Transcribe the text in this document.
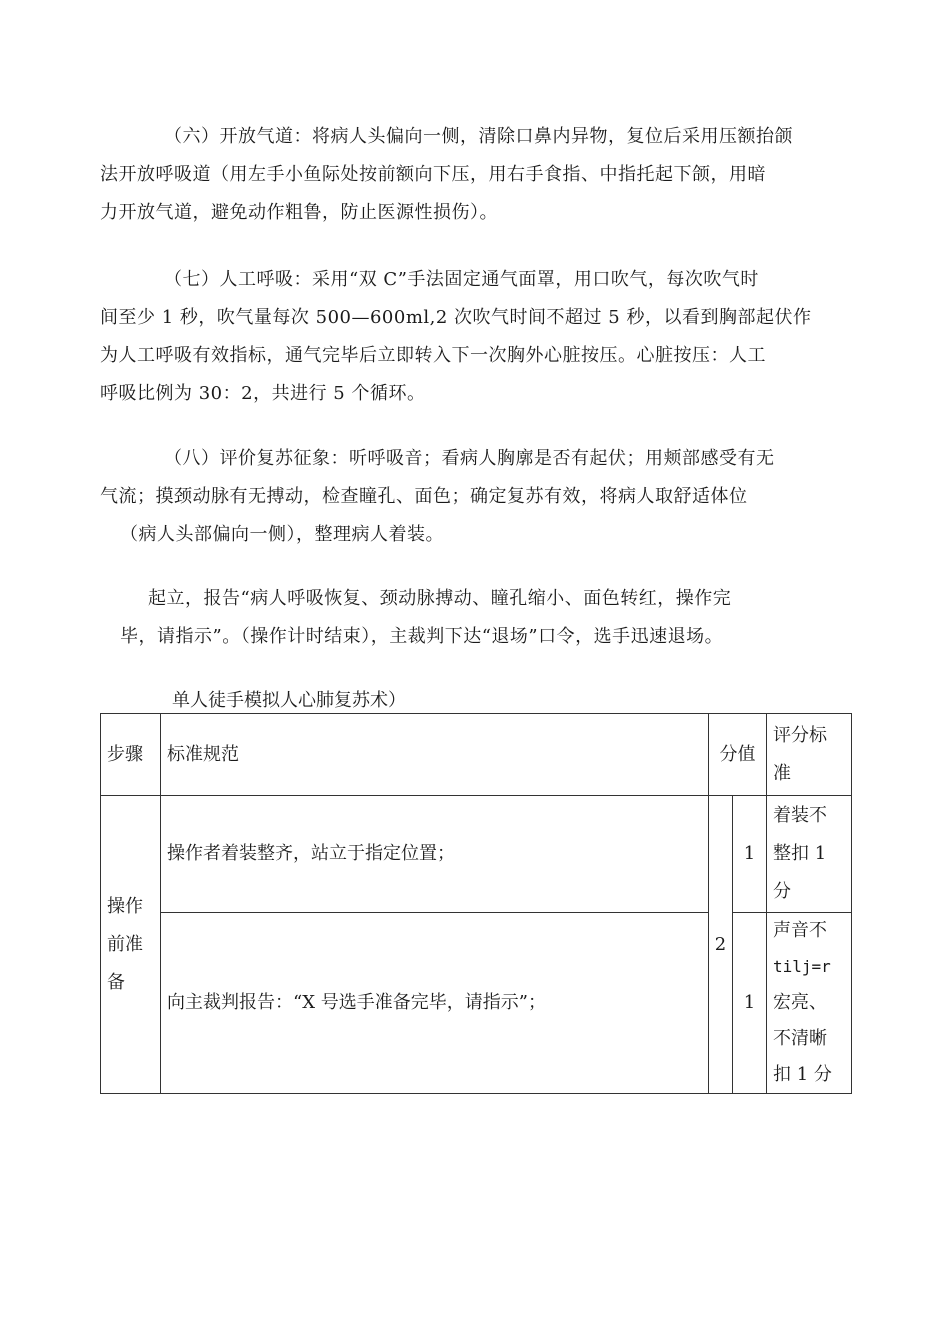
（六）开放气道：将病人头偏向一侧，清除口鼻内异物，复位后采用压额抬颌
法开放呼吸道（用左手小鱼际处按前额向下压，用右手食指、中指托起下颌，用暗
力开放气道，避免动作粗鲁，防止医源性损伤）。
（七）人工呼吸：采用“双 C”手法固定通气面罩，用口吹气，每次吹气时
间至少 1 秒，吹气量每次 500—600ml,2 次吹气时间不超过 5 秒，以看到胸部起伏作
为人工呼吸有效指标，通气完毕后立即转入下一次胸外心脏按压。心脏按压：人工
呼吸比例为 30：2，共进行 5 个循环。
（八）评价复苏征象：听呼吸音；看病人胸廓是否有起伏；用颊部感受有无
气流；摸颈动脉有无搏动，检查瞳孔、面色；确定复苏有效，将病人取舒适体位
（病人头部偏向一侧），整理病人着装。
起立，报告“病人呼吸恢复、颈动脉搏动、瞳孔缩小、面色转红，操作完
毕，请指示”。（操作计时结束），主裁判下达“退场”口令，选手迅速退场。
单人徒手模拟人心肺复苏术）
步骤	标准规范	分值		评分标
准

操作
前准
备	操作者着装整齐，站立于指定位置；	2	1	着装不
整扣 1
分

	向主裁判报告：“X 号选手准备完毕，请指示”；		1	声音不
tilj=r
宏亮、
不清晰
扣 1 分
